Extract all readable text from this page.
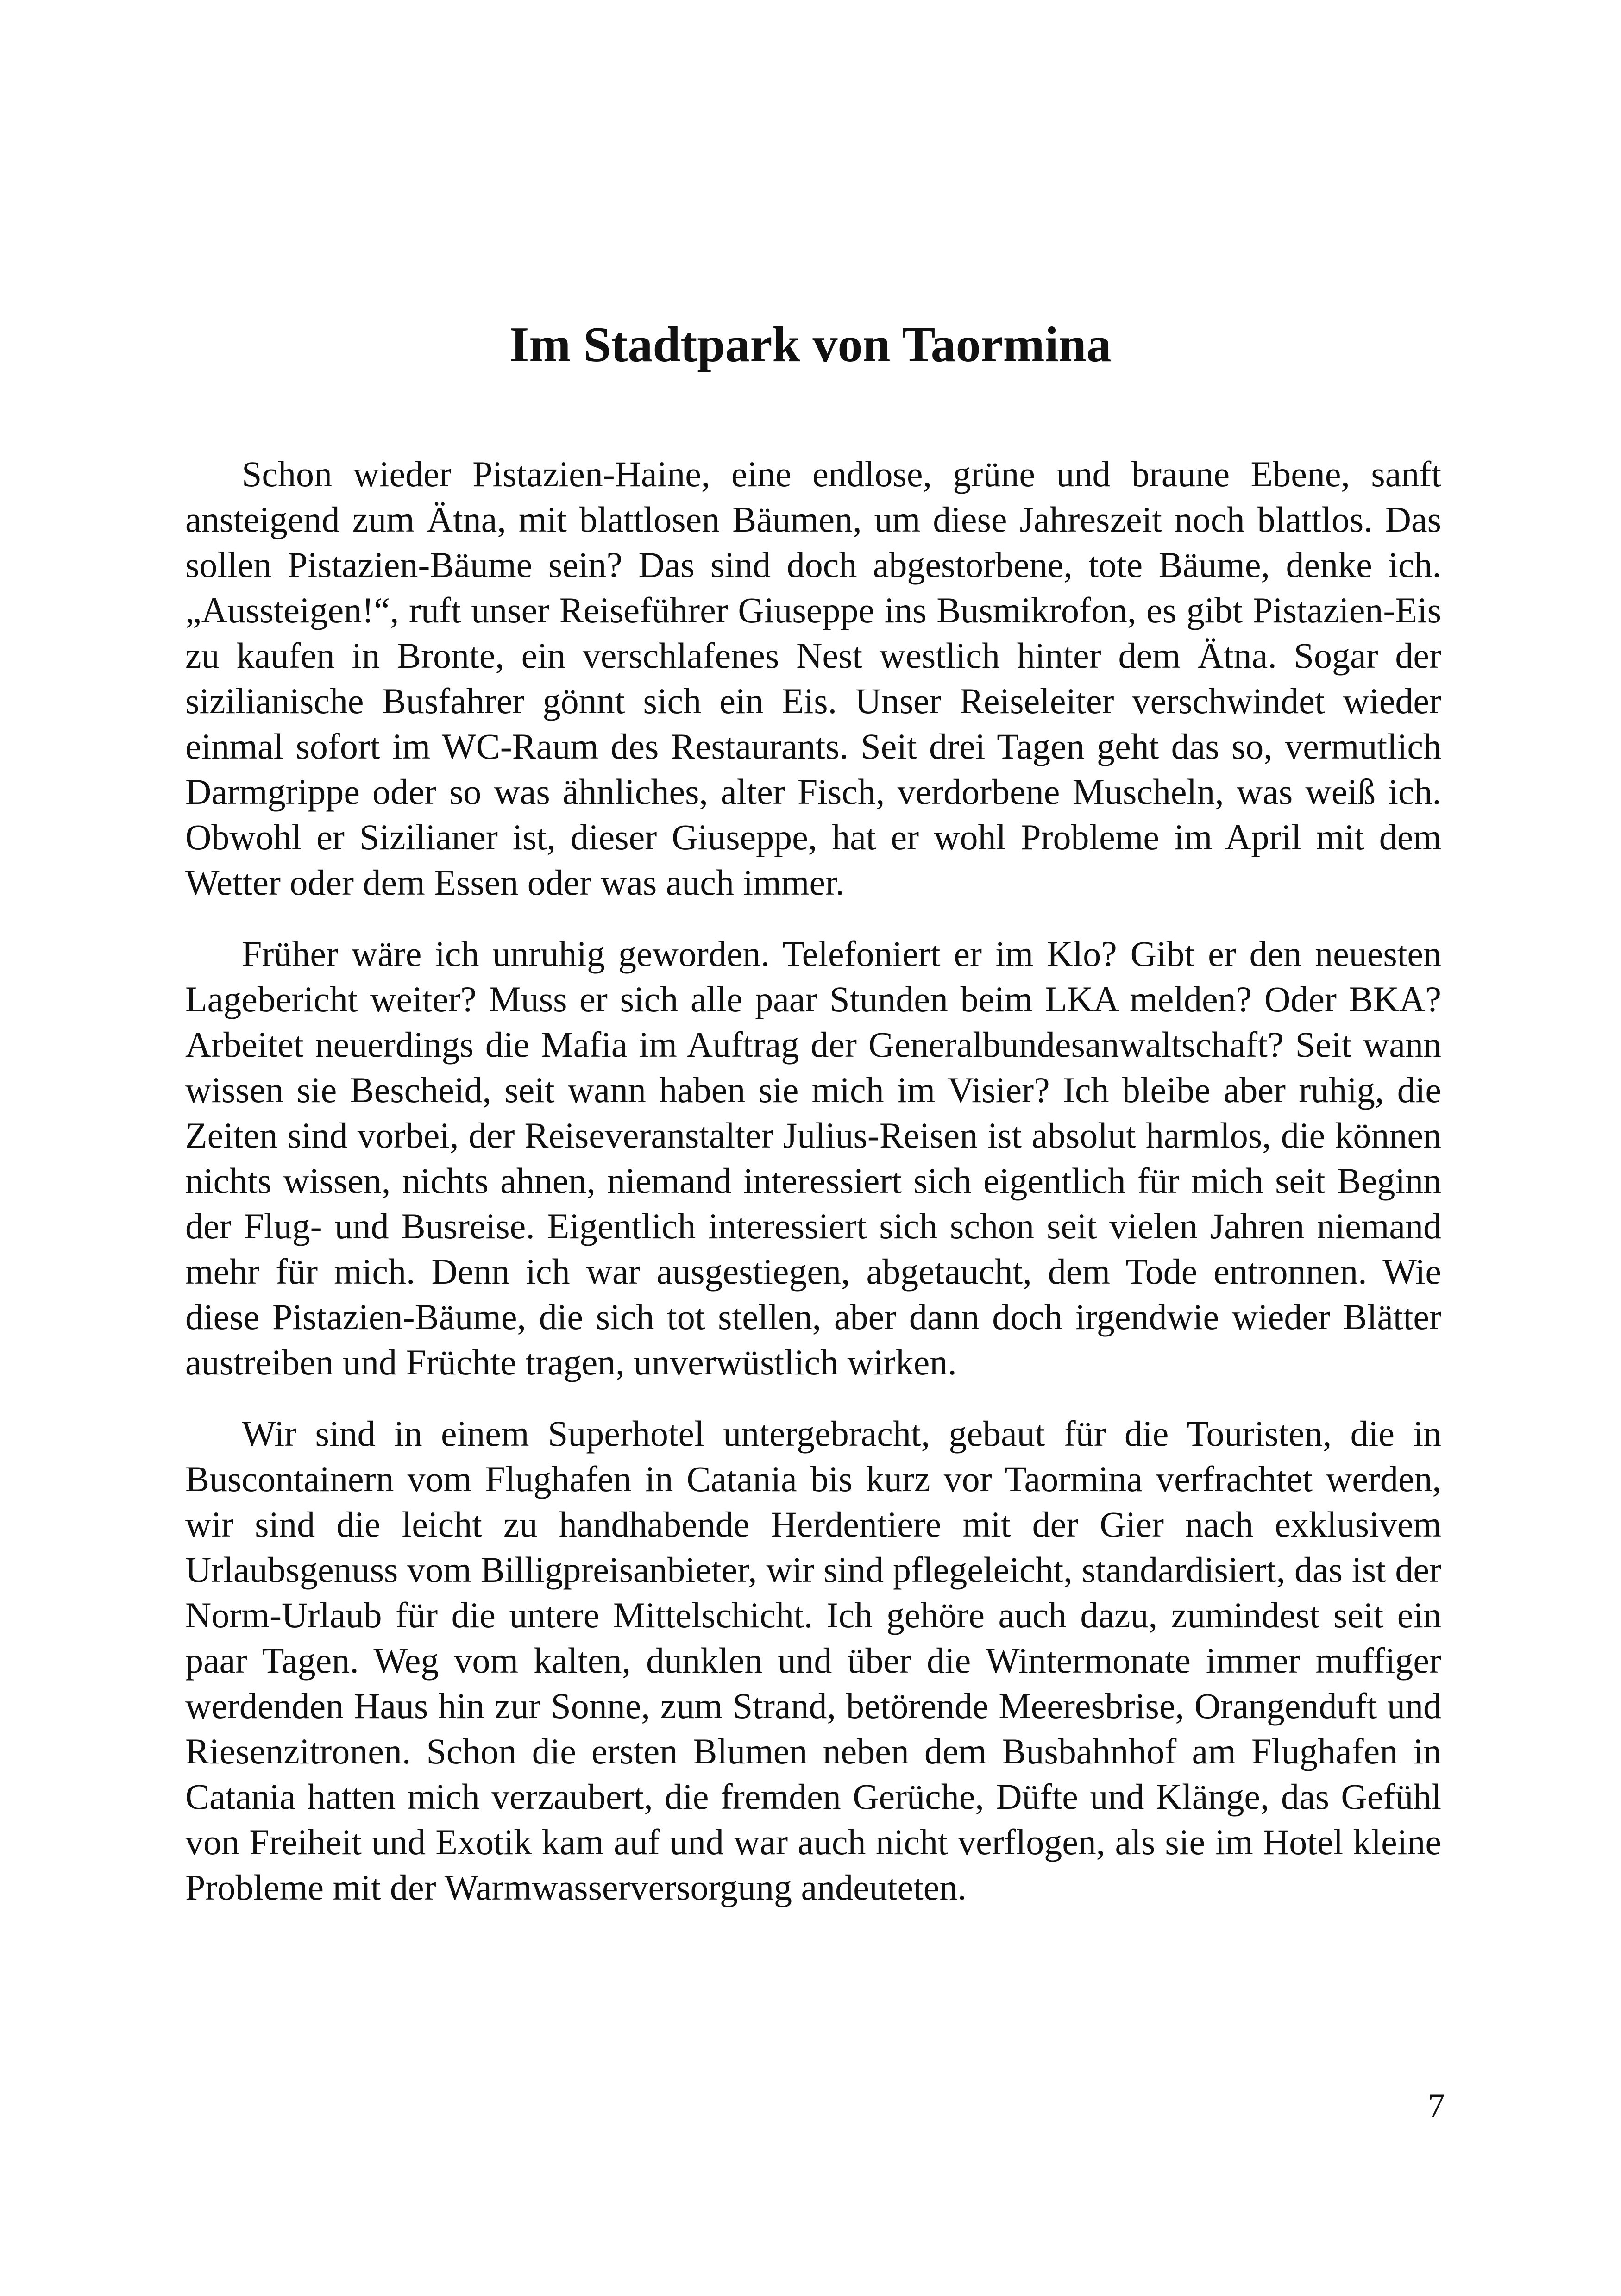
Im Stadtpark von Taormina

Schon wieder Pistazien-Haine, eine endlose, grüne und braune Ebene, sanft ansteigend zum Ätna, mit blattlosen Bäumen, um diese Jahreszeit noch blattlos. Das sollen Pistazien-Bäume sein? Das sind doch abgestorbene, tote Bäume, denke ich. „Aussteigen!“, ruft unser Reiseführer Giuseppe ins Busmikrofon, es gibt Pistazien-Eis zu kaufen in Bronte, ein verschlafenes Nest westlich hinter dem Ätna. Sogar der sizilianische Busfahrer gönnt sich ein Eis. Unser Reiseleiter verschwindet wieder einmal sofort im WC-Raum des Restaurants. Seit drei Tagen geht das so, vermutlich Darmgrippe oder so was ähnliches, alter Fisch, verdorbene Muscheln, was weiß ich. Obwohl er Sizilianer ist, dieser Giuseppe, hat er wohl Probleme im April mit dem Wetter oder dem Essen oder was auch immer.

Früher wäre ich unruhig geworden. Telefoniert er im Klo? Gibt er den neuesten Lagebericht weiter? Muss er sich alle paar Stunden beim LKA melden? Oder BKA? Arbeitet neuerdings die Mafia im Auftrag der Generalbundesanwaltschaft? Seit wann wissen sie Bescheid, seit wann haben sie mich im Visier? Ich bleibe aber ruhig, die Zeiten sind vorbei, der Reiseveranstalter Julius-Reisen ist absolut harmlos, die können nichts wissen, nichts ahnen, niemand interessiert sich eigentlich für mich seit Beginn der Flug- und Busreise. Eigentlich interessiert sich schon seit vielen Jahren niemand mehr für mich. Denn ich war ausgestiegen, abgetaucht, dem Tode entronnen. Wie diese Pistazien-Bäume, die sich tot stellen, aber dann doch irgendwie wieder Blätter austreiben und Früchte tragen, unverwüstlich wirken.

Wir sind in einem Superhotel untergebracht, gebaut für die Touristen, die in Buscontainern vom Flughafen in Catania bis kurz vor Taormina verfrachtet werden, wir sind die leicht zu handhabende Herdentiere mit der Gier nach exklusivem Urlaubsgenuss vom Billigpreisanbieter, wir sind pflegeleicht, standardisiert, das ist der Norm-Urlaub für die untere Mittelschicht. Ich gehöre auch dazu, zumindest seit ein paar Tagen. Weg vom kalten, dunklen und über die Wintermonate immer muffiger werdenden Haus hin zur Sonne, zum Strand, betörende Meeresbrise, Orangenduft und Riesenzitronen. Schon die ersten Blumen neben dem Busbahnhof am Flughafen in Catania hatten mich verzaubert, die fremden Gerüche, Düfte und Klänge, das Gefühl von Freiheit und Exotik kam auf und war auch nicht verflogen, als sie im Hotel kleine Probleme mit der Warmwasserversorgung andeuteten.

7
